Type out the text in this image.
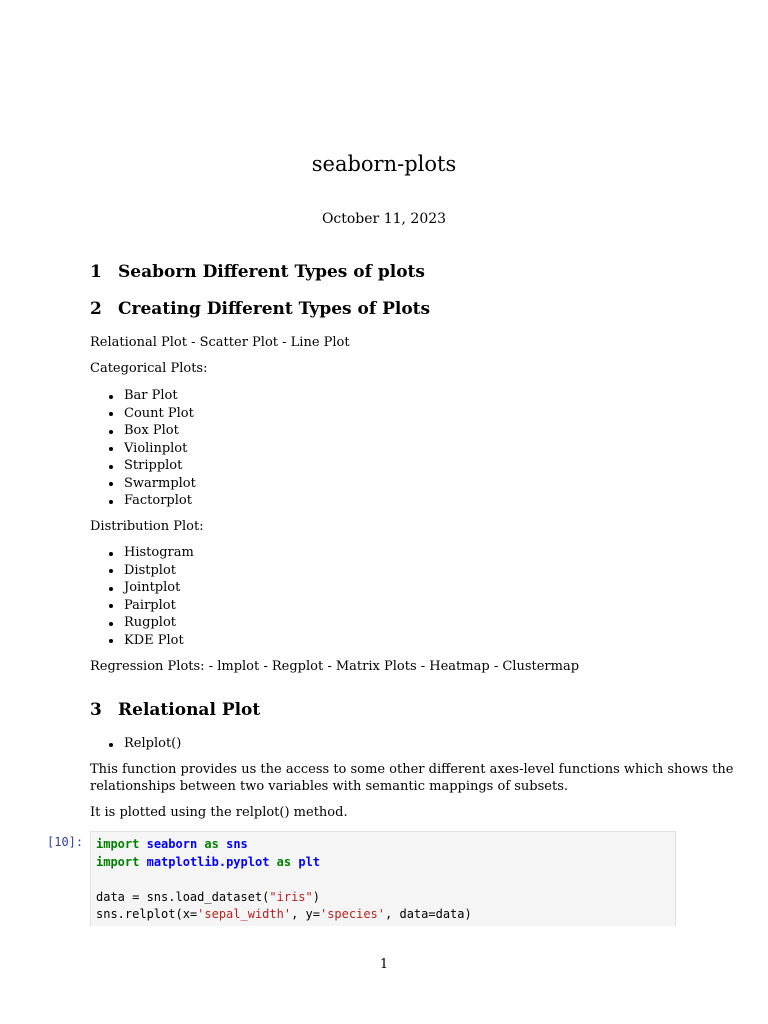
seaborn-plots
October 11, 2023
1 Seaborn Different Types of plots
2 Creating Different Types of Plots
Relational Plot - Scatter Plot - Line Plot
Categorical Plots:
Bar Plot
Count Plot
Box Plot
Violinplot
Stripplot
Swarmplot
Factorplot
Distribution Plot:
Histogram
Distplot
Jointplot
Pairplot
Rugplot
KDE Plot
Regression Plots: - lmplot - Regplot - Matrix Plots - Heatmap - Clustermap
3 Relational Plot
Relplot()
This function provides us the access to some other different axes-level functions which shows the
relationships between two variables with semantic mappings of subsets.
It is plotted using the relplot() method.
[10]:	import seaborn as sns
import matplotlib.pyplot as plt

data = sns.load_dataset("iris")
sns.relplot(x='sepal_width', y='species', data=data)
1
